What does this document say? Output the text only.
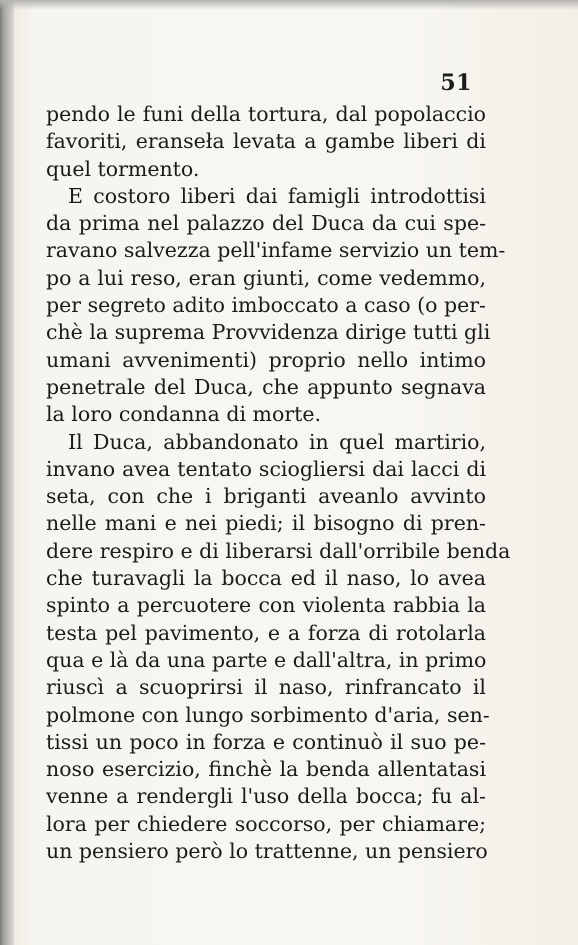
51
pendo le funi della tortura, dal popolaccio
favoriti, eranseła levata a gambe liberi di
quel tormento.
E costoro liberi dai famigli introdottisi
da prima nel palazzo del Duca da cui spe-
ravano salvezza pell'infame servizio un tem-
po a lui reso, eran giunti, come vedemmo,
per segreto adito imboccato a caso (o per-
chè la suprema Provvidenza dirige tutti gli
umani avvenimenti) proprio nello intimo
penetrale del Duca, che appunto segnava
la loro condanna di morte.
Il Duca, abbandonato in quel martirio,
invano avea tentato sciogliersi dai lacci di
seta, con che i briganti aveanlo avvinto
nelle mani e nei piedi; il bisogno di pren-
dere respiro e di liberarsi dall'orribile benda
che turavagli la bocca ed il naso, lo avea
spinto a percuotere con violenta rabbia la
testa pel pavimento, e a forza di rotolarla
qua e là da una parte e dall'altra, in primo
riuscì a scuoprirsi il naso, rinfrancato il
polmone con lungo sorbimento d'aria, sen-
tissi un poco in forza e continuò il suo pe-
noso esercizio, finchè la benda allentatasi
venne a rendergli l'uso della bocca; fu al-
lora per chiedere soccorso, per chiamare;
un pensiero però lo trattenne, un pensiero
